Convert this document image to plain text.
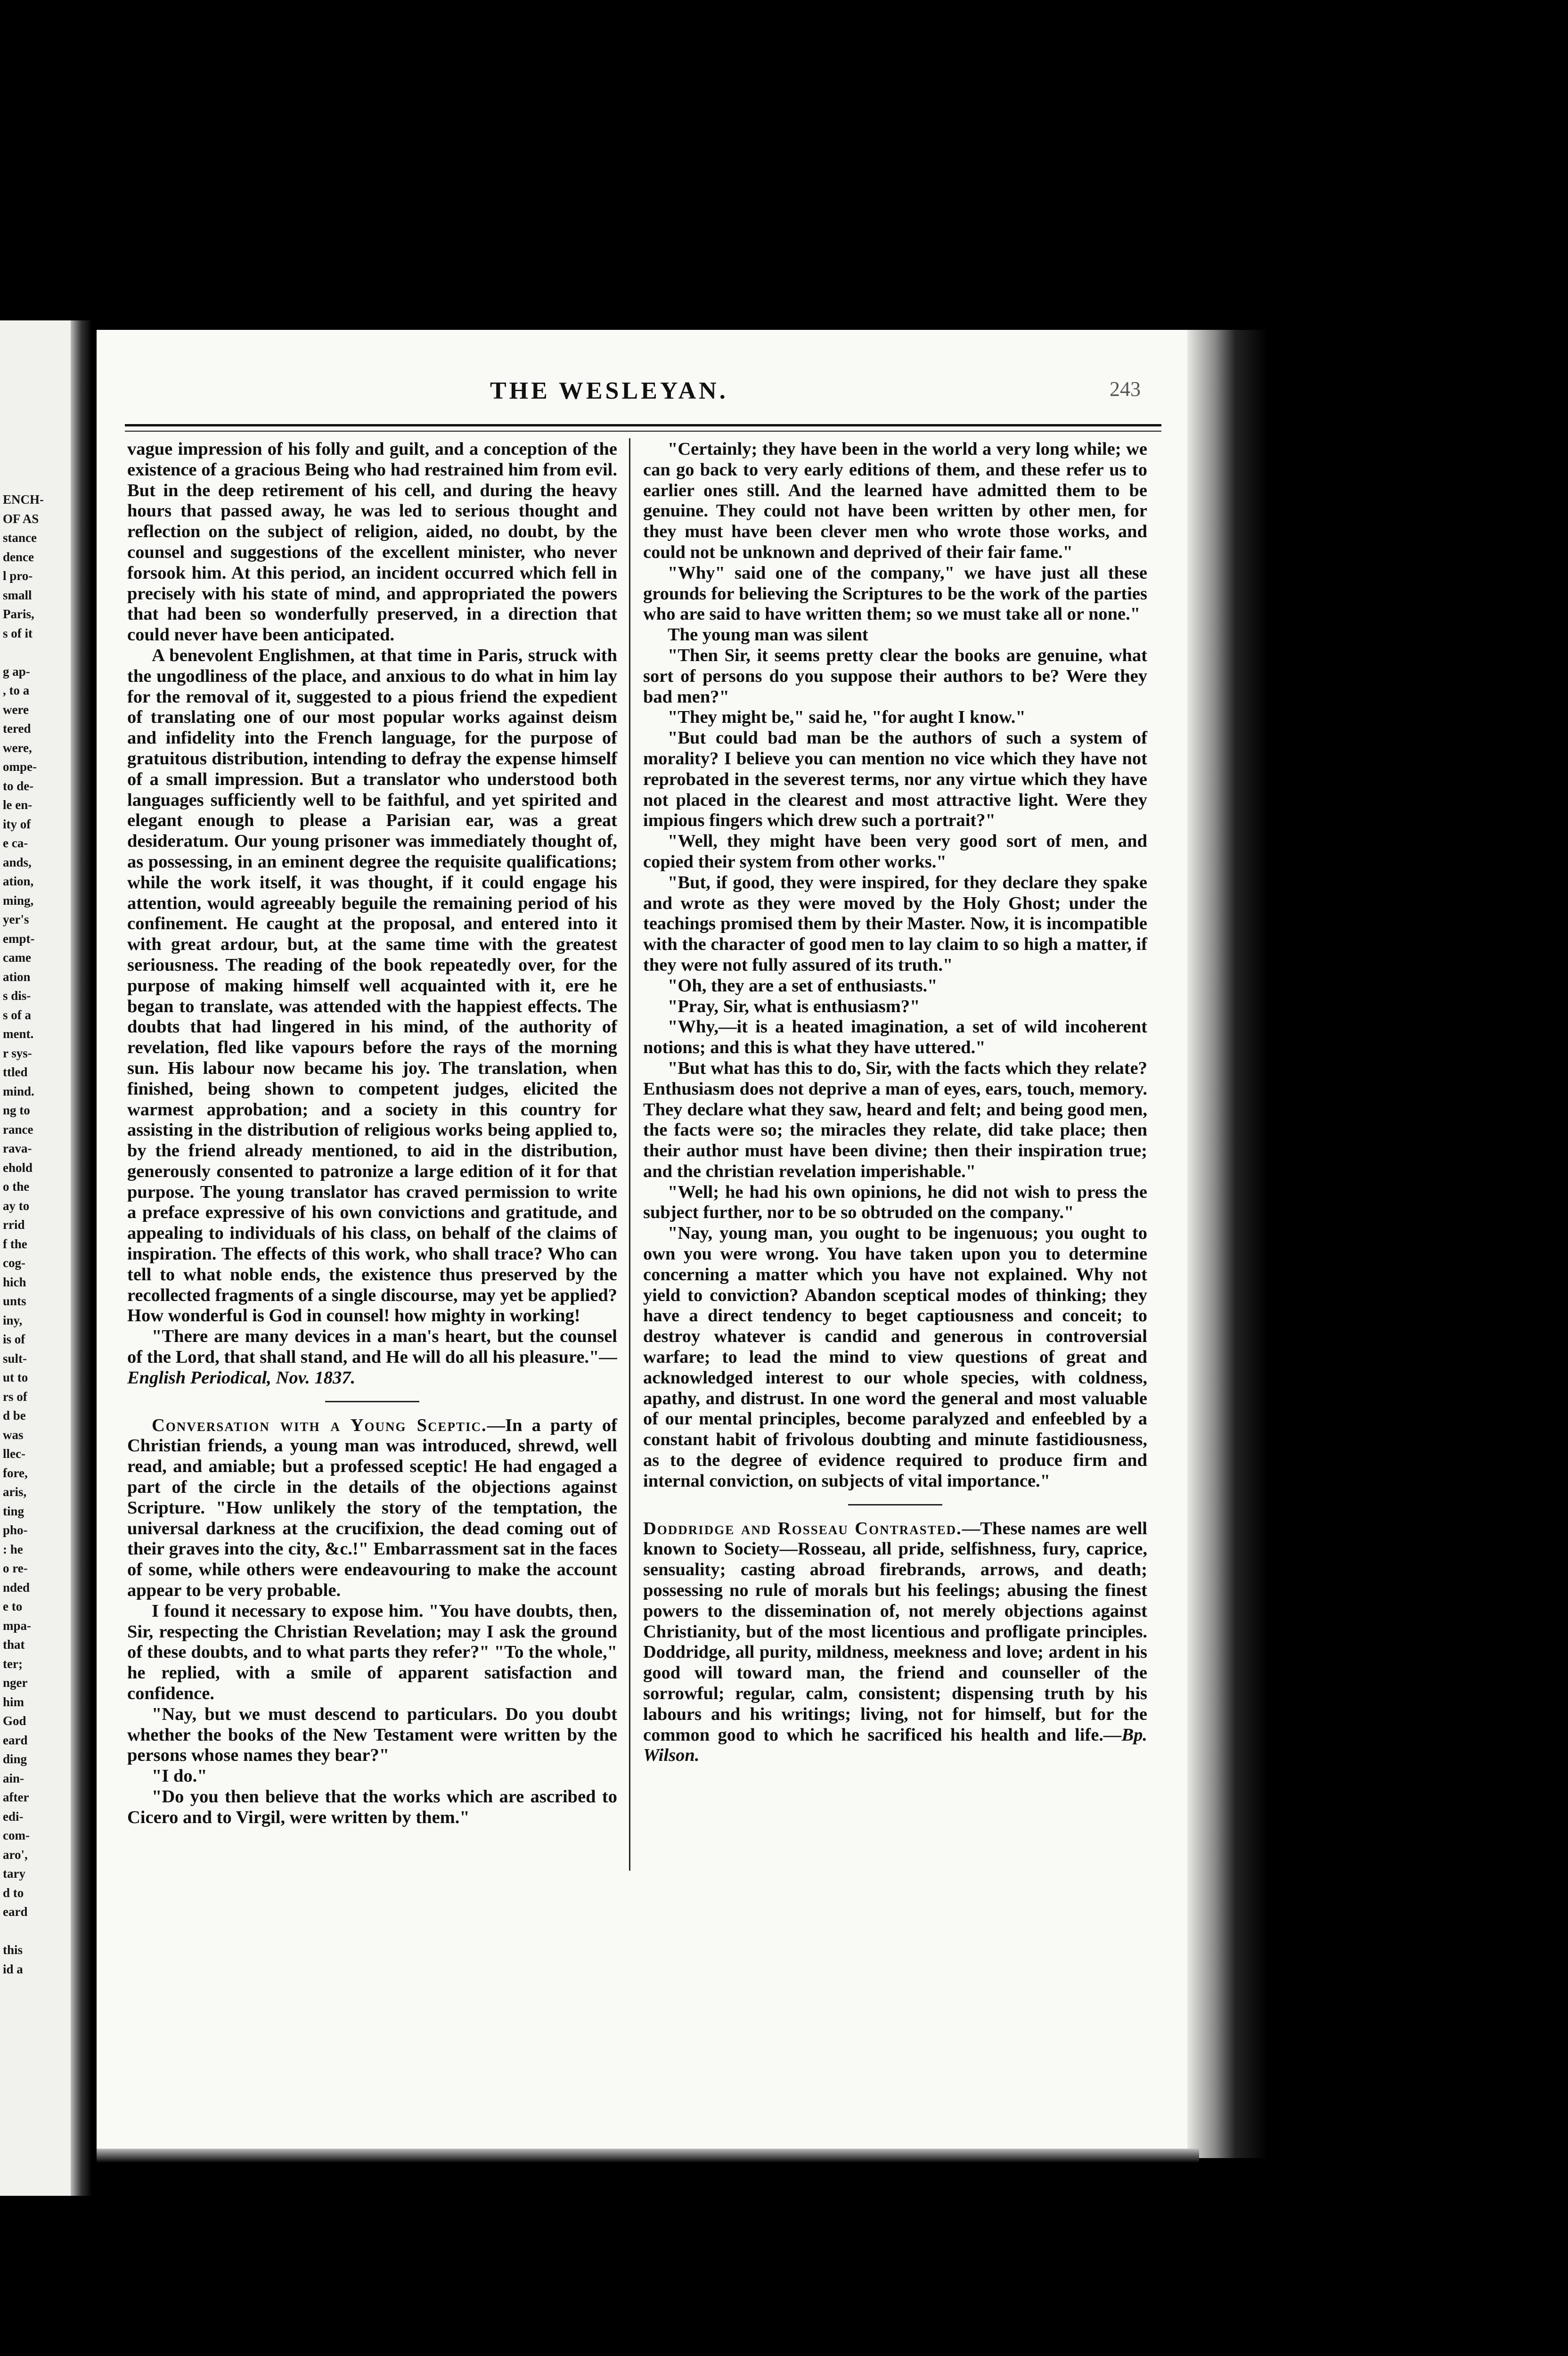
ENCH-
OF AS
stance
dence
l pro-
small
Paris,
s of it

g ap-
, to a
were
tered
were,
ompe-
to de-
le en-
ity of
e ca-
ands,
ation,
ming,
yer's
empt-
came
ation
s dis-
s of a
ment.
r sys-
ttled
mind.
ng to
rance
rava-
ehold
o the
ay to
rrid
f the
cog-
hich
unts
iny,
is of
sult-
ut to
rs of
d be
was
llec-
fore,
aris,
ting
pho-
: he
o re-
nded
e to
mpa-
that
ter;
nger
him
God
eard
ding
ain-
after
edi-
com-
aro',
tary
d to
eard

this
id a
THE WESLEYAN.	243

vague impression of his folly and guilt, and a conception of the existence of a gracious Being who had restrained him from evil. But in the deep retirement of his cell, and during the heavy hours that passed away, he was led to serious thought and reflection on the subject of religion, aided, no doubt, by the counsel and suggestions of the excellent minister, who never forsook him. At this period, an incident occurred which fell in precisely with his state of mind, and appropriated the powers that had been so wonderfully preserved, in a direction that could never have been anticipated.

A benevolent Englishmen, at that time in Paris, struck with the ungodliness of the place, and anxious to do what in him lay for the removal of it, suggested to a pious friend the expedient of translating one of our most popular works against deism and infidelity into the French language, for the purpose of gratuitous distribution, intending to defray the expense himself of a small impression. But a translator who understood both languages sufficiently well to be faithful, and yet spirited and elegant enough to please a Parisian ear, was a great desideratum. Our young prisoner was immediately thought of, as possessing, in an eminent degree the requisite qualifications; while the work itself, it was thought, if it could engage his attention, would agreeably beguile the remaining period of his confinement. He caught at the proposal, and entered into it with great ardour, but, at the same time with the greatest seriousness. The reading of the book repeatedly over, for the purpose of making himself well acquainted with it, ere he began to translate, was attended with the happiest effects. The doubts that had lingered in his mind, of the authority of revelation, fled like vapours before the rays of the morning sun. His labour now became his joy. The translation, when finished, being shown to competent judges, elicited the warmest approbation; and a society in this country for assisting in the distribution of religious works being applied to, by the friend already mentioned, to aid in the distribution, generously consented to patronize a large edition of it for that purpose. The young translator has craved permission to write a preface expressive of his own convictions and gratitude, and appealing to individuals of his class, on behalf of the claims of inspiration. The effects of this work, who shall trace? Who can tell to what noble ends, the existence thus preserved by the recollected fragments of a single discourse, may yet be applied? How wonderful is God in counsel! how mighty in working!

"There are many devices in a man's heart, but the counsel of the Lord, that shall stand, and He will do all his pleasure."—English Periodical, Nov. 1837.

Conversation with a Young Sceptic.—In a party of Christian friends, a young man was introduced, shrewd, well read, and amiable; but a professed sceptic! He had engaged a part of the circle in the details of the objections against Scripture. "How unlikely the story of the temptation, the universal darkness at the crucifixion, the dead coming out of their graves into the city, &c.!" Embarrassment sat in the faces of some, while others were endeavouring to make the account appear to be very probable.

I found it necessary to expose him. "You have doubts, then, Sir, respecting the Christian Revelation; may I ask the ground of these doubts, and to what parts they refer?" "To the whole," he replied, with a smile of apparent satisfaction and confidence.

"Nay, but we must descend to particulars. Do you doubt whether the books of the New Testament were written by the persons whose names they bear?"

"I do."

"Do you then believe that the works which are ascribed to Cicero and to Virgil, were written by them."

"Certainly; they have been in the world a very long while; we can go back to very early editions of them, and these refer us to earlier ones still. And the learned have admitted them to be genuine. They could not have been written by other men, for they must have been clever men who wrote those works, and could not be unknown and deprived of their fair fame."

"Why" said one of the company," we have just all these grounds for believing the Scriptures to be the work of the parties who are said to have written them; so we must take all or none."

The young man was silent

"Then Sir, it seems pretty clear the books are genuine, what sort of persons do you suppose their authors to be? Were they bad men?"

"They might be," said he, "for aught I know."

"But could bad man be the authors of such a system of morality? I believe you can mention no vice which they have not reprobated in the severest terms, nor any virtue which they have not placed in the clearest and most attractive light. Were they impious fingers which drew such a portrait?"

"Well, they might have been very good sort of men, and copied their system from other works."

"But, if good, they were inspired, for they declare they spake and wrote as they were moved by the Holy Ghost; under the teachings promised them by their Master. Now, it is incompatible with the character of good men to lay claim to so high a matter, if they were not fully assured of its truth."

"Oh, they are a set of enthusiasts."

"Pray, Sir, what is enthusiasm?"

"Why,—it is a heated imagination, a set of wild incoherent notions; and this is what they have uttered."

"But what has this to do, Sir, with the facts which they relate? Enthusiasm does not deprive a man of eyes, ears, touch, memory. They declare what they saw, heard and felt; and being good men, the facts were so; the miracles they relate, did take place; then their author must have been divine; then their inspiration true; and the christian revelation imperishable."

"Well; he had his own opinions, he did not wish to press the subject further, nor to be so obtruded on the company."

"Nay, young man, you ought to be ingenuous; you ought to own you were wrong. You have taken upon you to determine concerning a matter which you have not explained. Why not yield to conviction? Abandon sceptical modes of thinking; they have a direct tendency to beget captiousness and conceit; to destroy whatever is candid and generous in controversial warfare; to lead the mind to view questions of great and acknowledged interest to our whole species, with coldness, apathy, and distrust. In one word the general and most valuable of our mental principles, become paralyzed and enfeebled by a constant habit of frivolous doubting and minute fastidiousness, as to the degree of evidence required to produce firm and internal conviction, on subjects of vital importance."

Doddridge and Rosseau Contrasted.—These names are well known to Society—Rosseau, all pride, selfishness, fury, caprice, sensuality; casting abroad firebrands, arrows, and death; possessing no rule of morals but his feelings; abusing the finest powers to the dissemination of, not merely objections against Christianity, but of the most licentious and profligate principles. Doddridge, all purity, mildness, meekness and love; ardent in his good will toward man, the friend and counseller of the sorrowful; regular, calm, consistent; dispensing truth by his labours and his writings; living, not for himself, but for the common good to which he sacrificed his health and life.—Bp. Wilson.
